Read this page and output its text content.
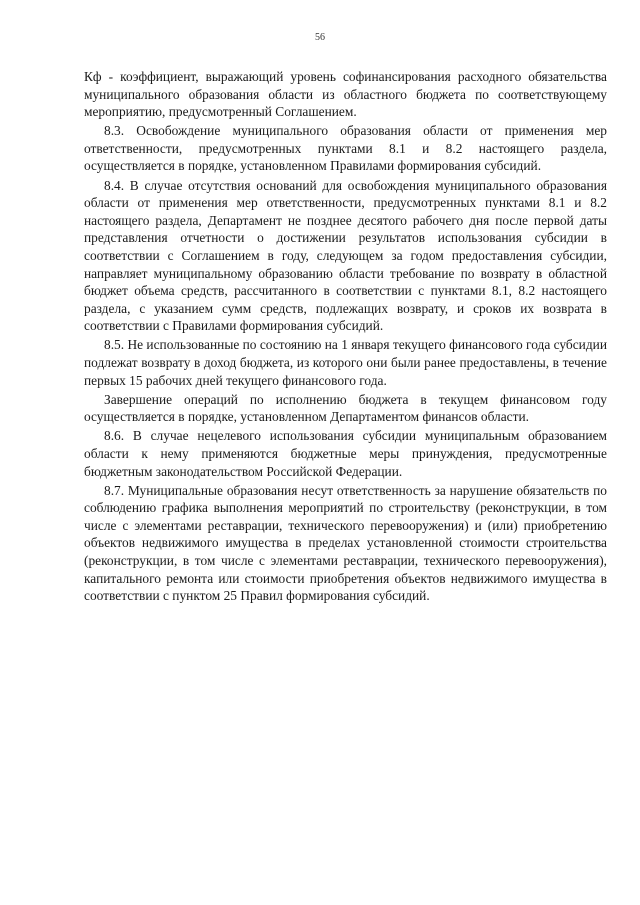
56

Кф - коэффициент, выражающий уровень софинансирования расходного обязательства муниципального образования области из областного бюджета по соответствующему мероприятию, предусмотренный Соглашением.

8.3. Освобождение муниципального образования области от применения мер ответственности, предусмотренных пунктами 8.1 и 8.2 настоящего раздела, осуществляется в порядке, установленном Правилами формирования субсидий.

8.4. В случае отсутствия оснований для освобождения муниципального образования области от применения мер ответственности, предусмотренных пунктами 8.1 и 8.2 настоящего раздела, Департамент не позднее десятого рабочего дня после первой даты представления отчетности о достижении результатов использования субсидии в соответствии с Соглашением в году, следующем за годом предоставления субсидии, направляет муниципальному образованию области требование по возврату в областной бюджет объема средств, рассчитанного в соответствии с пунктами 8.1, 8.2 настоящего раздела, с указанием сумм средств, подлежащих возврату, и сроков их возврата в соответствии с Правилами формирования субсидий.

8.5. Не использованные по состоянию на 1 января текущего финансового года субсидии подлежат возврату в доход бюджета, из которого они были ранее предоставлены, в течение первых 15 рабочих дней текущего финансового года.

Завершение операций по исполнению бюджета в текущем финансовом году осуществляется в порядке, установленном Департаментом финансов области.

8.6. В случае нецелевого использования субсидии муниципальным образованием области к нему применяются бюджетные меры принуждения, предусмотренные бюджетным законодательством Российской Федерации.

8.7. Муниципальные образования несут ответственность за нарушение обязательств по соблюдению графика выполнения мероприятий по строительству (реконструкции, в том числе с элементами реставрации, технического перевооружения) и (или) приобретению объектов недвижимого имущества в пределах установленной стоимости строительства (реконструкции, в том числе с элементами реставрации, технического перевооружения), капитального ремонта или стоимости приобретения объектов недвижимого имущества в соответствии с пунктом 25 Правил формирования субсидий.
